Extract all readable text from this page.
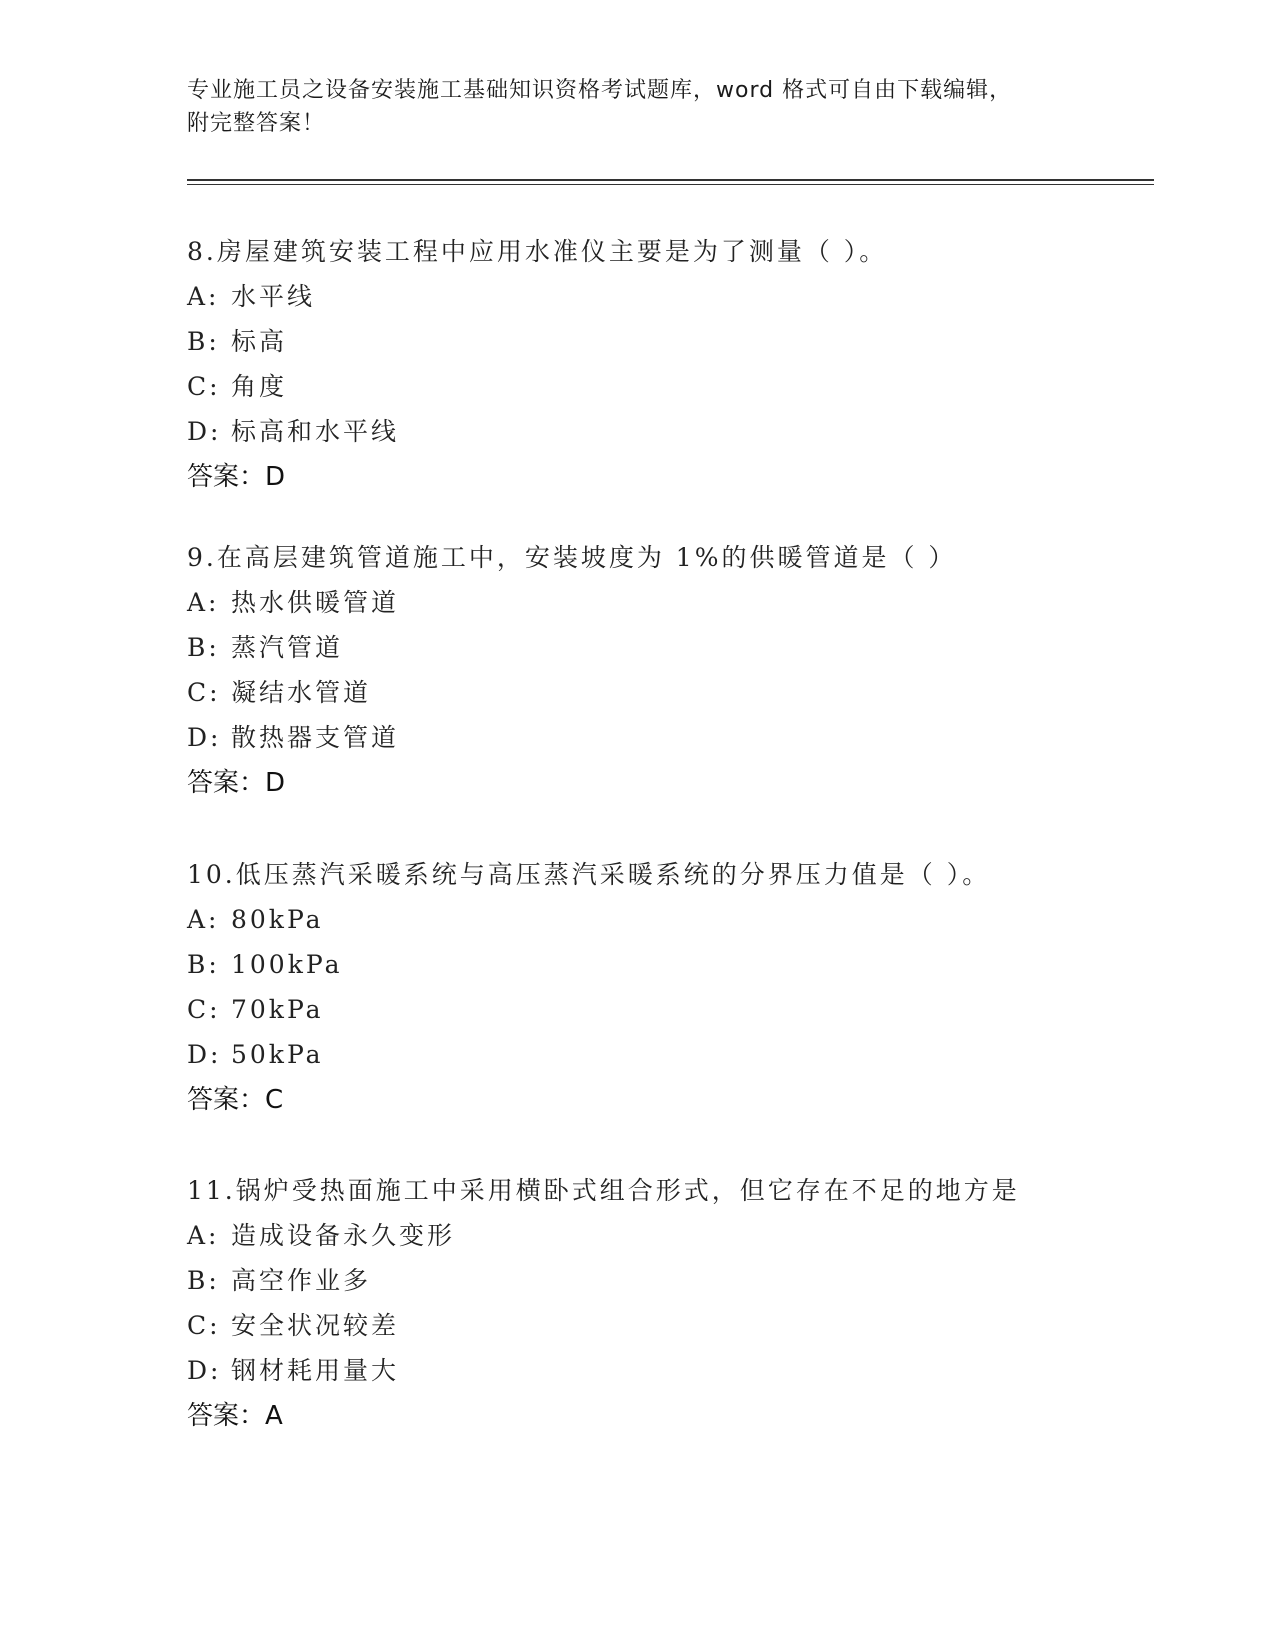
专业施工员之设备安装施工基础知识资格考试题库，word 格式可自由下载编辑，
附完整答案！
8.房屋建筑安装工程中应用水准仪主要是为了测量（ ）。
A: 水平线
B: 标高
C: 角度
D: 标高和水平线
答案：D
9.在高层建筑管道施工中，安装坡度为 1%的供暖管道是（ ）
A: 热水供暖管道
B: 蒸汽管道
C: 凝结水管道
D: 散热器支管道
答案：D
10.低压蒸汽采暖系统与高压蒸汽采暖系统的分界压力值是（ ）。
A: 80kPa
B: 100kPa
C: 70kPa
D: 50kPa
答案：C
11.锅炉受热面施工中采用横卧式组合形式，但它存在不足的地方是
A: 造成设备永久变形
B: 高空作业多
C: 安全状况较差
D: 钢材耗用量大
答案：A
